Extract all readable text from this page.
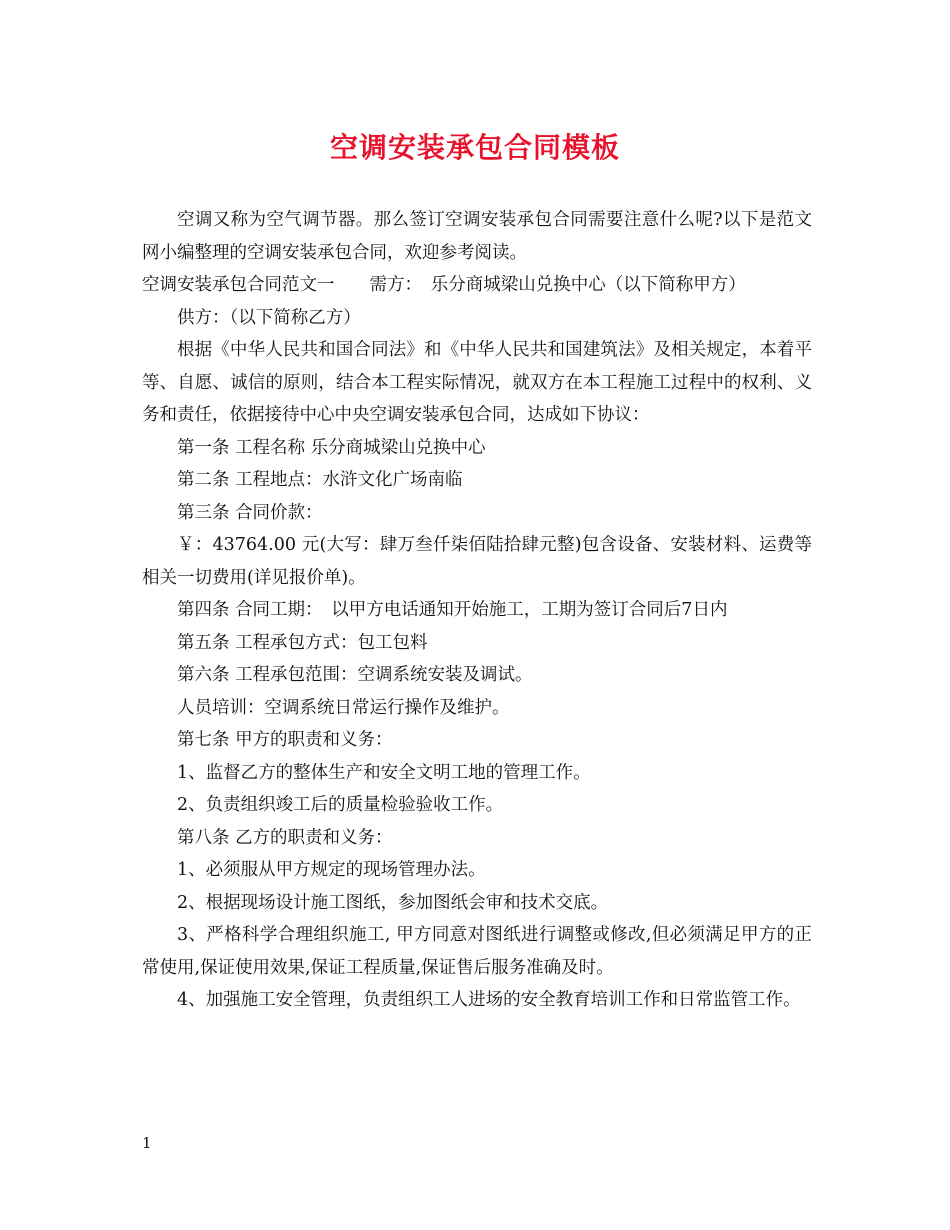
空调安装承包合同模板

空调又称为空气调节器。那么签订空调安装承包合同需要注意什么呢?以下是范文网小编整理的空调安装承包合同，欢迎参考阅读。

空调安装承包合同范文一　　需方：　乐分商城梁山兑换中心（以下简称甲方）

供方：（以下简称乙方）

根据《中华人民共和国合同法》和《中华人民共和国建筑法》及相关规定，本着平等、自愿、诚信的原则，结合本工程实际情况，就双方在本工程施工过程中的权利、义务和责任，依据接待中心中央空调安装承包合同，达成如下协议：

第一条 工程名称 乐分商城梁山兑换中心

第二条 工程地点：水浒文化广场南临

第三条 合同价款：

￥：43764.00 元(大写：肆万叁仟柒佰陆拾肆元整)包含设备、安装材料、运费等相关一切费用(详见报价单)。

第四条 合同工期：　以甲方电话通知开始施工，工期为签订合同后7日内

第五条 工程承包方式：包工包料

第六条 工程承包范围：空调系统安装及调试。

人员培训：空调系统日常运行操作及维护。

第七条 甲方的职责和义务：

1、监督乙方的整体生产和安全文明工地的管理工作。

2、负责组织竣工后的质量检验验收工作。

第八条 乙方的职责和义务：

1、必须服从甲方规定的现场管理办法。

2、根据现场设计施工图纸，参加图纸会审和技术交底。

3、严格科学合理组织施工, 甲方同意对图纸进行调整或修改,但必须满足甲方的正常使用,保证使用效果,保证工程质量,保证售后服务准确及时。

4、加强施工安全管理，负责组织工人进场的安全教育培训工作和日常监管工作。

1
